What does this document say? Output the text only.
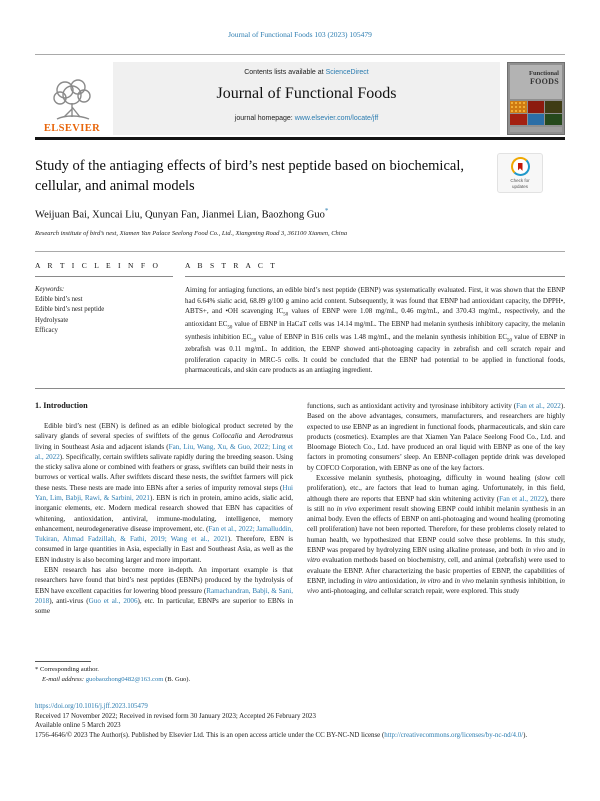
Journal of Functional Foods 103 (2023) 105479
ELSEVIER
Contents lists available at ScienceDirect
Journal of Functional Foods
journal homepage: www.elsevier.com/locate/jff
Functional
FOODS
Study of the antiaging effects of bird’s nest peptide based on biochemical, cellular, and animal models	Check for updates
Weijuan Bai, Xuncai Liu, Qunyan Fan, Jianmei Lian, Baozhong Guo*
Research institute of bird’s nest, Xiamen Yan Palace Seelong Food Co., Ltd., Xiangming Road 3, 361100 Xiamen, China
A R T I C L E I N F O
Keywords:
Edible bird’s nest
Edible bird’s nest peptide
Hydrolysate
Efficacy
A B S T R A C T
Aiming for antiaging functions, an edible bird’s nest peptide (EBNP) was systematically evaluated. First, it was shown that the EBNP had 6.64% sialic acid, 68.89 g/100 g amino acid content. Subsequently, it was found that EBNP had antioxidant capacity, the DPPH•, ABTS+, and •OH scavenging $IC_{50}$ values of EBNP were 1.08 mg/mL, 0.46 mg/mL, and 370.43 mg/mL, respectively, and the antioxidant $EC_{50}$ value of EBNP in HaCaT cells was 14.14 mg/mL. The EBNP had melanin synthesis inhibitory capacity, the melanin synthesis inhibition $EC_{50}$ value of EBNP in B16 cells was 1.48 mg/mL, and the melanin synthesis inhibition $EC_{50}$ value of EBNP in zebrafish was 0.11 mg/mL. In addition, the EBNP showed anti-photoaging capacity in zebrafish and cell scratch repair and proliferation capacity in MRC-5 cells. It could be concluded that the EBNP had potential to be applied in functional foods, pharmaceuticals, and skin care products as an antiaging ingredient.
1. Introduction

Edible bird’s nest (EBN) is defined as an edible biological product secreted by the salivary glands of several species of swiftlets of the genus Collocalia and Aerodramus living in Southeast Asia and adjacent islands (Fan, Liu, Wang, Xu, & Guo, 2022; Ling et al., 2022). Specifically, certain swiftlets salivate rapidly during the breeding season. Using the sticky saliva alone or combined with feathers or grass, swiftlets can build their nests in burrows or vertical walls. After swiftlets discard these nests, the swiftlet farmers will pick these nests. These nests are made into EBNs after a series of impurity removal steps (Hui Yan, Lim, Babji, Rawi, & Sarbini, 2021). EBN is rich in protein, amino acids, sialic acid, inorganic elements, etc. Modern medical research showed that EBN has capacities of whitening, antioxidation, antiviral, immune-modulating, intelligence, memory enhancement, neurodegenerative disease improvement, etc. (Fan et al., 2022; Jamalluddin, Tukiran, Ahmad Fadzillah, & Fathi, 2019; Wang et al., 2021). Therefore, EBN is consumed in large quantities in Asia, especially in East and Southeast Asia, as well as the EBN industry is also becoming larger and more important.

EBN research has also become more in-depth. An important example is that researchers have found that bird’s nest peptides (EBNPs) produced by the hydrolysis of EBN have excellent capacities for lowering blood pressure (Ramachandran, Babji, & Sani, 2018), anti-virus (Guo et al., 2006), etc. In particular, EBNPs are superior to EBNs in some

functions, such as antioxidant activity and tyrosinase inhibitory activity (Fan et al., 2022). Based on the above advantages, consumers, manufacturers, and researchers are highly expected to use EBNP as an ingredient in functional foods, pharmaceuticals, and skin care products (cosmetics). Examples are that Xiamen Yan Palace Seelong Food Co., Ltd. and Bloomage Biotech Co., Ltd. have produced an oral liquid with EBNP as one of the key factors in promoting consumers’ sleep. An EBNP-collagen peptide drink was developed by COFCO Corporation, with EBNP as one of the key factors.

Excessive melanin synthesis, photoaging, difficulty in wound healing (slow cell proliferation), etc., are factors that lead to human aging. Unfortunately, in this field, although there are reports that EBNP had skin whitening activity (Fan et al., 2022), there is still no in vivo experiment result showing EBNP could inhibit melanin synthesis in an animal body. Even the effects of EBNP on anti-photoaging and wound healing (promoting cell proliferation) have not been reported. Therefore, for these problems closely related to human health, we hypothesized that EBNP could solve these problems. In this study, EBNP was prepared by hydrolyzing EBN using alkaline protease, and both in vivo and in vitro evaluation methods based on biochemistry, cell, and animal (zebrafish) were used to evaluate the EBNP. After characterizing the basic properties of EBNP, the capabilities of EBNP, including in vitro antioxidation, in vitro and in vivo melanin synthesis inhibition, in vivo anti-photoaging, and cellular scratch repair, were explored. This study

* Corresponding author.
E-mail address: guobaozhong0482@163.com (B. Guo).
https://doi.org/10.1016/j.jff.2023.105479
Received 17 November 2022; Received in revised form 30 January 2023; Accepted 26 February 2023
Available online 5 March 2023
1756-4646/© 2023 The Author(s). Published by Elsevier Ltd. This is an open access article under the CC BY-NC-ND license (http://creativecommons.org/licenses/by-nc-nd/4.0/).
